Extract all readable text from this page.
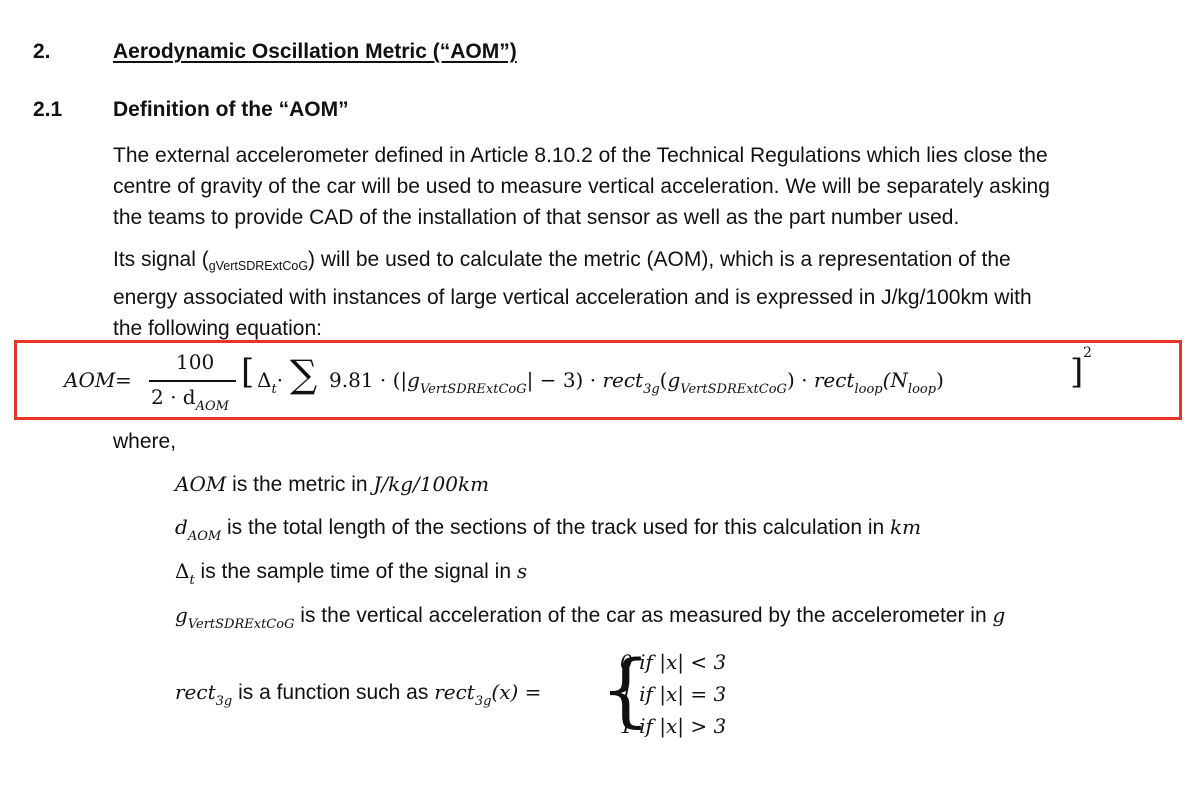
2.	Aerodynamic Oscillation Metric (“AOM”)
2.1 Definition of the “AOM”
The external accelerometer defined in Article 8.10.2 of the Technical Regulations which lies close the
centre of gravity of the car will be used to measure vertical acceleration. We will be separately asking
the teams to provide CAD of the installation of that sensor as well as the part number used.
Its signal (gVertSDRExtCoG) will be used to calculate the metric (AOM), which is a representation of the
energy associated with instances of large vertical acceleration and is expressed in J/kg/100km with
the following equation:
AOM =
100
$2 \cdot d_{AOM}$
[ $\Delta_t\cdot$ ∑ $9.81 \cdot (|g_{VertSDRExtCoG}| - 3)$ · $rect_{3g}(g_{VertSDRExtCoG})$ · $rect_{loop}(N_{loop})$	] 2
where,
AOM is the metric in J/kg/100km
$d_{AOM}$ is the total length of the sections of the track used for this calculation in km
$\Delta_t$ is the sample time of the signal in s
$g_{VertSDRExtCoG}$ is the vertical acceleration of the car as measured by the accelerometer in g
rect$_{3g}$ is a function such as rect$_{3g}$(x) = {
0 if |x| < 3
1 if |x| = 3
1 if |x| > 3
